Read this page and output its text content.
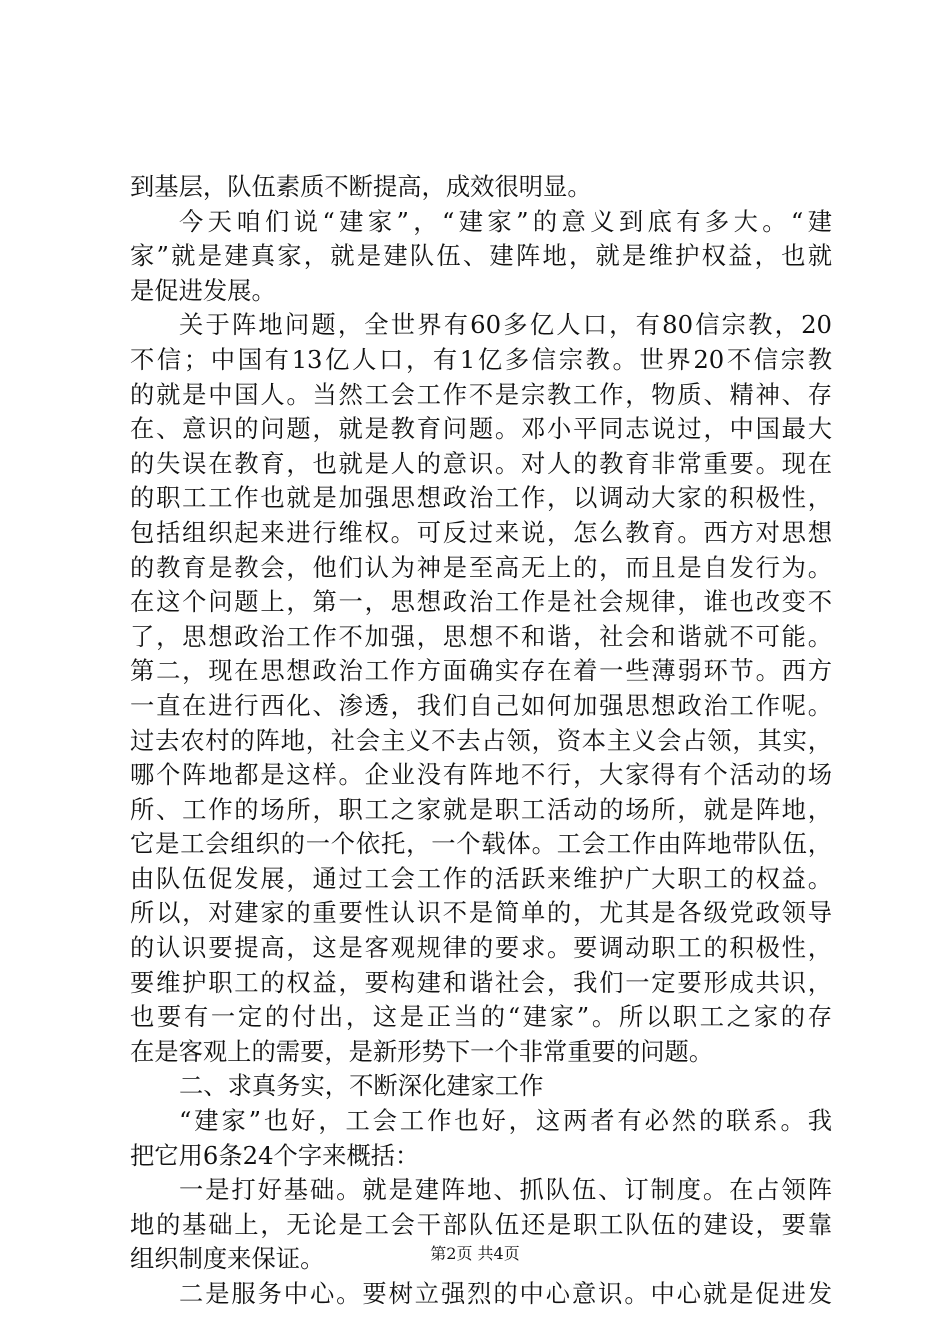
到基层，队伍素质不断提高，成效很明显。
今天咱们说“建家”，“建家”的意义到底有多大。“建
家”就是建真家，就是建队伍、建阵地，就是维护权益，也就
是促进发展。
关于阵地问题，全世界有60多亿人口，有80信宗教，20
不信；中国有13亿人口，有1亿多信宗教。世界20不信宗教
的就是中国人。当然工会工作不是宗教工作，物质、精神、存
在、意识的问题，就是教育问题。邓小平同志说过，中国最大
的失误在教育，也就是人的意识。对人的教育非常重要。现在
的职工工作也就是加强思想政治工作，以调动大家的积极性，
包括组织起来进行维权。可反过来说，怎么教育。西方对思想
的教育是教会，他们认为神是至高无上的，而且是自发行为。
在这个问题上，第一，思想政治工作是社会规律，谁也改变不
了，思想政治工作不加强，思想不和谐，社会和谐就不可能。
第二，现在思想政治工作方面确实存在着一些薄弱环节。西方
一直在进行西化、渗透，我们自己如何加强思想政治工作呢。
过去农村的阵地，社会主义不去占领，资本主义会占领，其实，
哪个阵地都是这样。企业没有阵地不行，大家得有个活动的场
所、工作的场所，职工之家就是职工活动的场所，就是阵地，
它是工会组织的一个依托，一个载体。工会工作由阵地带队伍，
由队伍促发展，通过工会工作的活跃来维护广大职工的权益。
所以，对建家的重要性认识不是简单的，尤其是各级党政领导
的认识要提高，这是客观规律的要求。要调动职工的积极性，
要维护职工的权益，要构建和谐社会，我们一定要形成共识，
也要有一定的付出，这是正当的“建家”。所以职工之家的存
在是客观上的需要，是新形势下一个非常重要的问题。
二、求真务实，不断深化建家工作
“建家”也好，工会工作也好，这两者有必然的联系。我
把它用6条24个字来概括：
一是打好基础。就是建阵地、抓队伍、订制度。在占领阵
地的基础上，无论是工会干部队伍还是职工队伍的建设，要靠
组织制度来保证。
二是服务中心。要树立强烈的中心意识。中心就是促进发
第2页 共4页
